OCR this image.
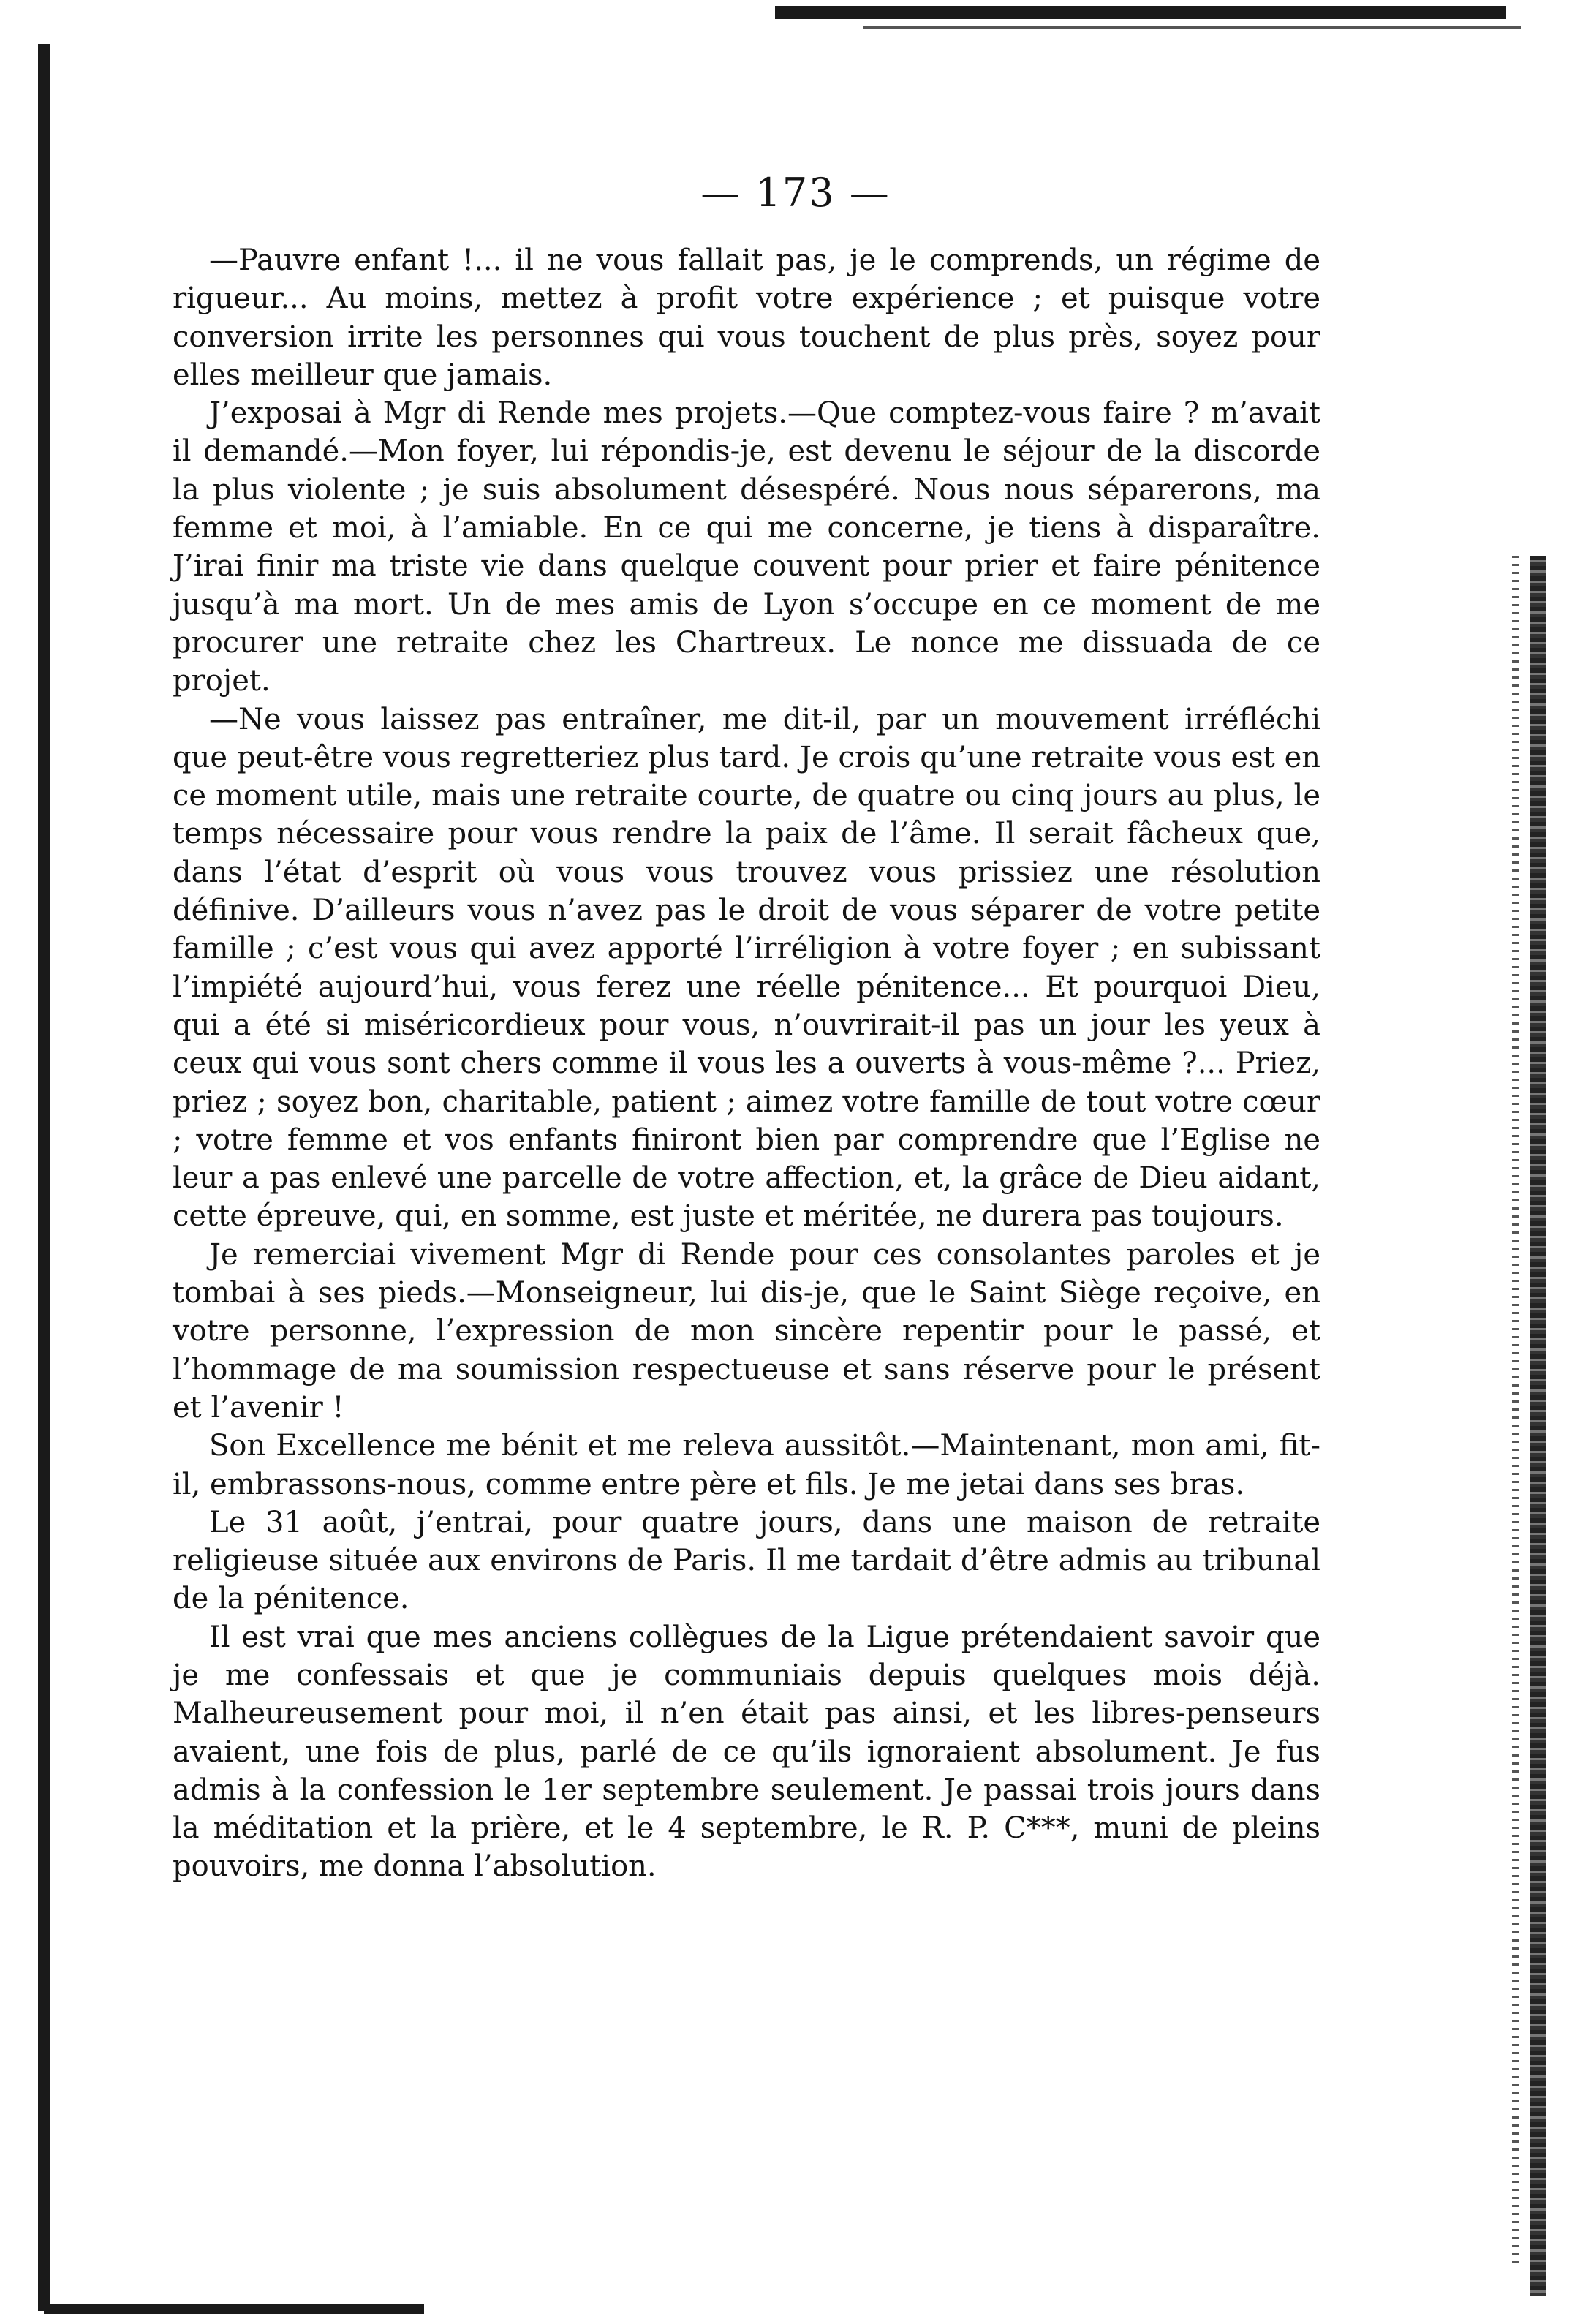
— 173 —

—Pauvre enfant !... il ne vous fallait pas, je le comprends, un régime de rigueur... Au moins, mettez à profit votre expérience ; et puisque votre conversion irrite les personnes qui vous touchent de plus près, soyez pour elles meilleur que jamais.

J’exposai à Mgr di Rende mes projets.—Que comptez-vous faire ? m’avait il demandé.—Mon foyer, lui répondis-je, est devenu le séjour de la discorde la plus violente ; je suis absolument désespéré. Nous nous séparerons, ma femme et moi, à l’amiable. En ce qui me concerne, je tiens à disparaître. J’irai finir ma triste vie dans quelque couvent pour prier et faire pénitence jusqu’à ma mort. Un de mes amis de Lyon s’occupe en ce moment de me procurer une retraite chez les Chartreux. Le nonce me dissuada de ce projet.

—Ne vous laissez pas entraîner, me dit-il, par un mouvement irréfléchi que peut-être vous regretteriez plus tard. Je crois qu’une retraite vous est en ce moment utile, mais une retraite courte, de quatre ou cinq jours au plus, le temps nécessaire pour vous rendre la paix de l’âme. Il serait fâcheux que, dans l’état d’esprit où vous vous trouvez vous prissiez une résolution définive. D’ailleurs vous n’avez pas le droit de vous séparer de votre petite famille ; c’est vous qui avez apporté l’irréligion à votre foyer ; en subissant l’impiété aujourd’hui, vous ferez une réelle pénitence... Et pourquoi Dieu, qui a été si miséricordieux pour vous, n’ouvrirait-il pas un jour les yeux à ceux qui vous sont chers comme il vous les a ouverts à vous-même ?... Priez, priez ; soyez bon, charitable, patient ; aimez votre famille de tout votre cœur ; votre femme et vos enfants finiront bien par comprendre que l’Eglise ne leur a pas enlevé une parcelle de votre affection, et, la grâce de Dieu aidant, cette épreuve, qui, en somme, est juste et méritée, ne durera pas toujours.

Je remerciai vivement Mgr di Rende pour ces consolantes paroles et je tombai à ses pieds.—Monseigneur, lui dis-je, que le Saint Siège reçoive, en votre personne, l’expression de mon sincère repentir pour le passé, et l’hommage de ma soumission respectueuse et sans réserve pour le présent et l’avenir !

Son Excellence me bénit et me releva aussitôt.—Maintenant, mon ami, fit-il, embrassons-nous, comme entre père et fils. Je me jetai dans ses bras.

Le 31 août, j’entrai, pour quatre jours, dans une maison de retraite religieuse située aux environs de Paris. Il me tardait d’être admis au tribunal de la pénitence.

Il est vrai que mes anciens collègues de la Ligue prétendaient savoir que je me confessais et que je communiais depuis quelques mois déjà. Malheureusement pour moi, il n’en était pas ainsi, et les libres-penseurs avaient, une fois de plus, parlé de ce qu’ils ignoraient absolument. Je fus admis à la confession le 1er septembre seulement. Je passai trois jours dans la méditation et la prière, et le 4 septembre, le R. P. C***, muni de pleins pouvoirs, me donna l’absolution.
